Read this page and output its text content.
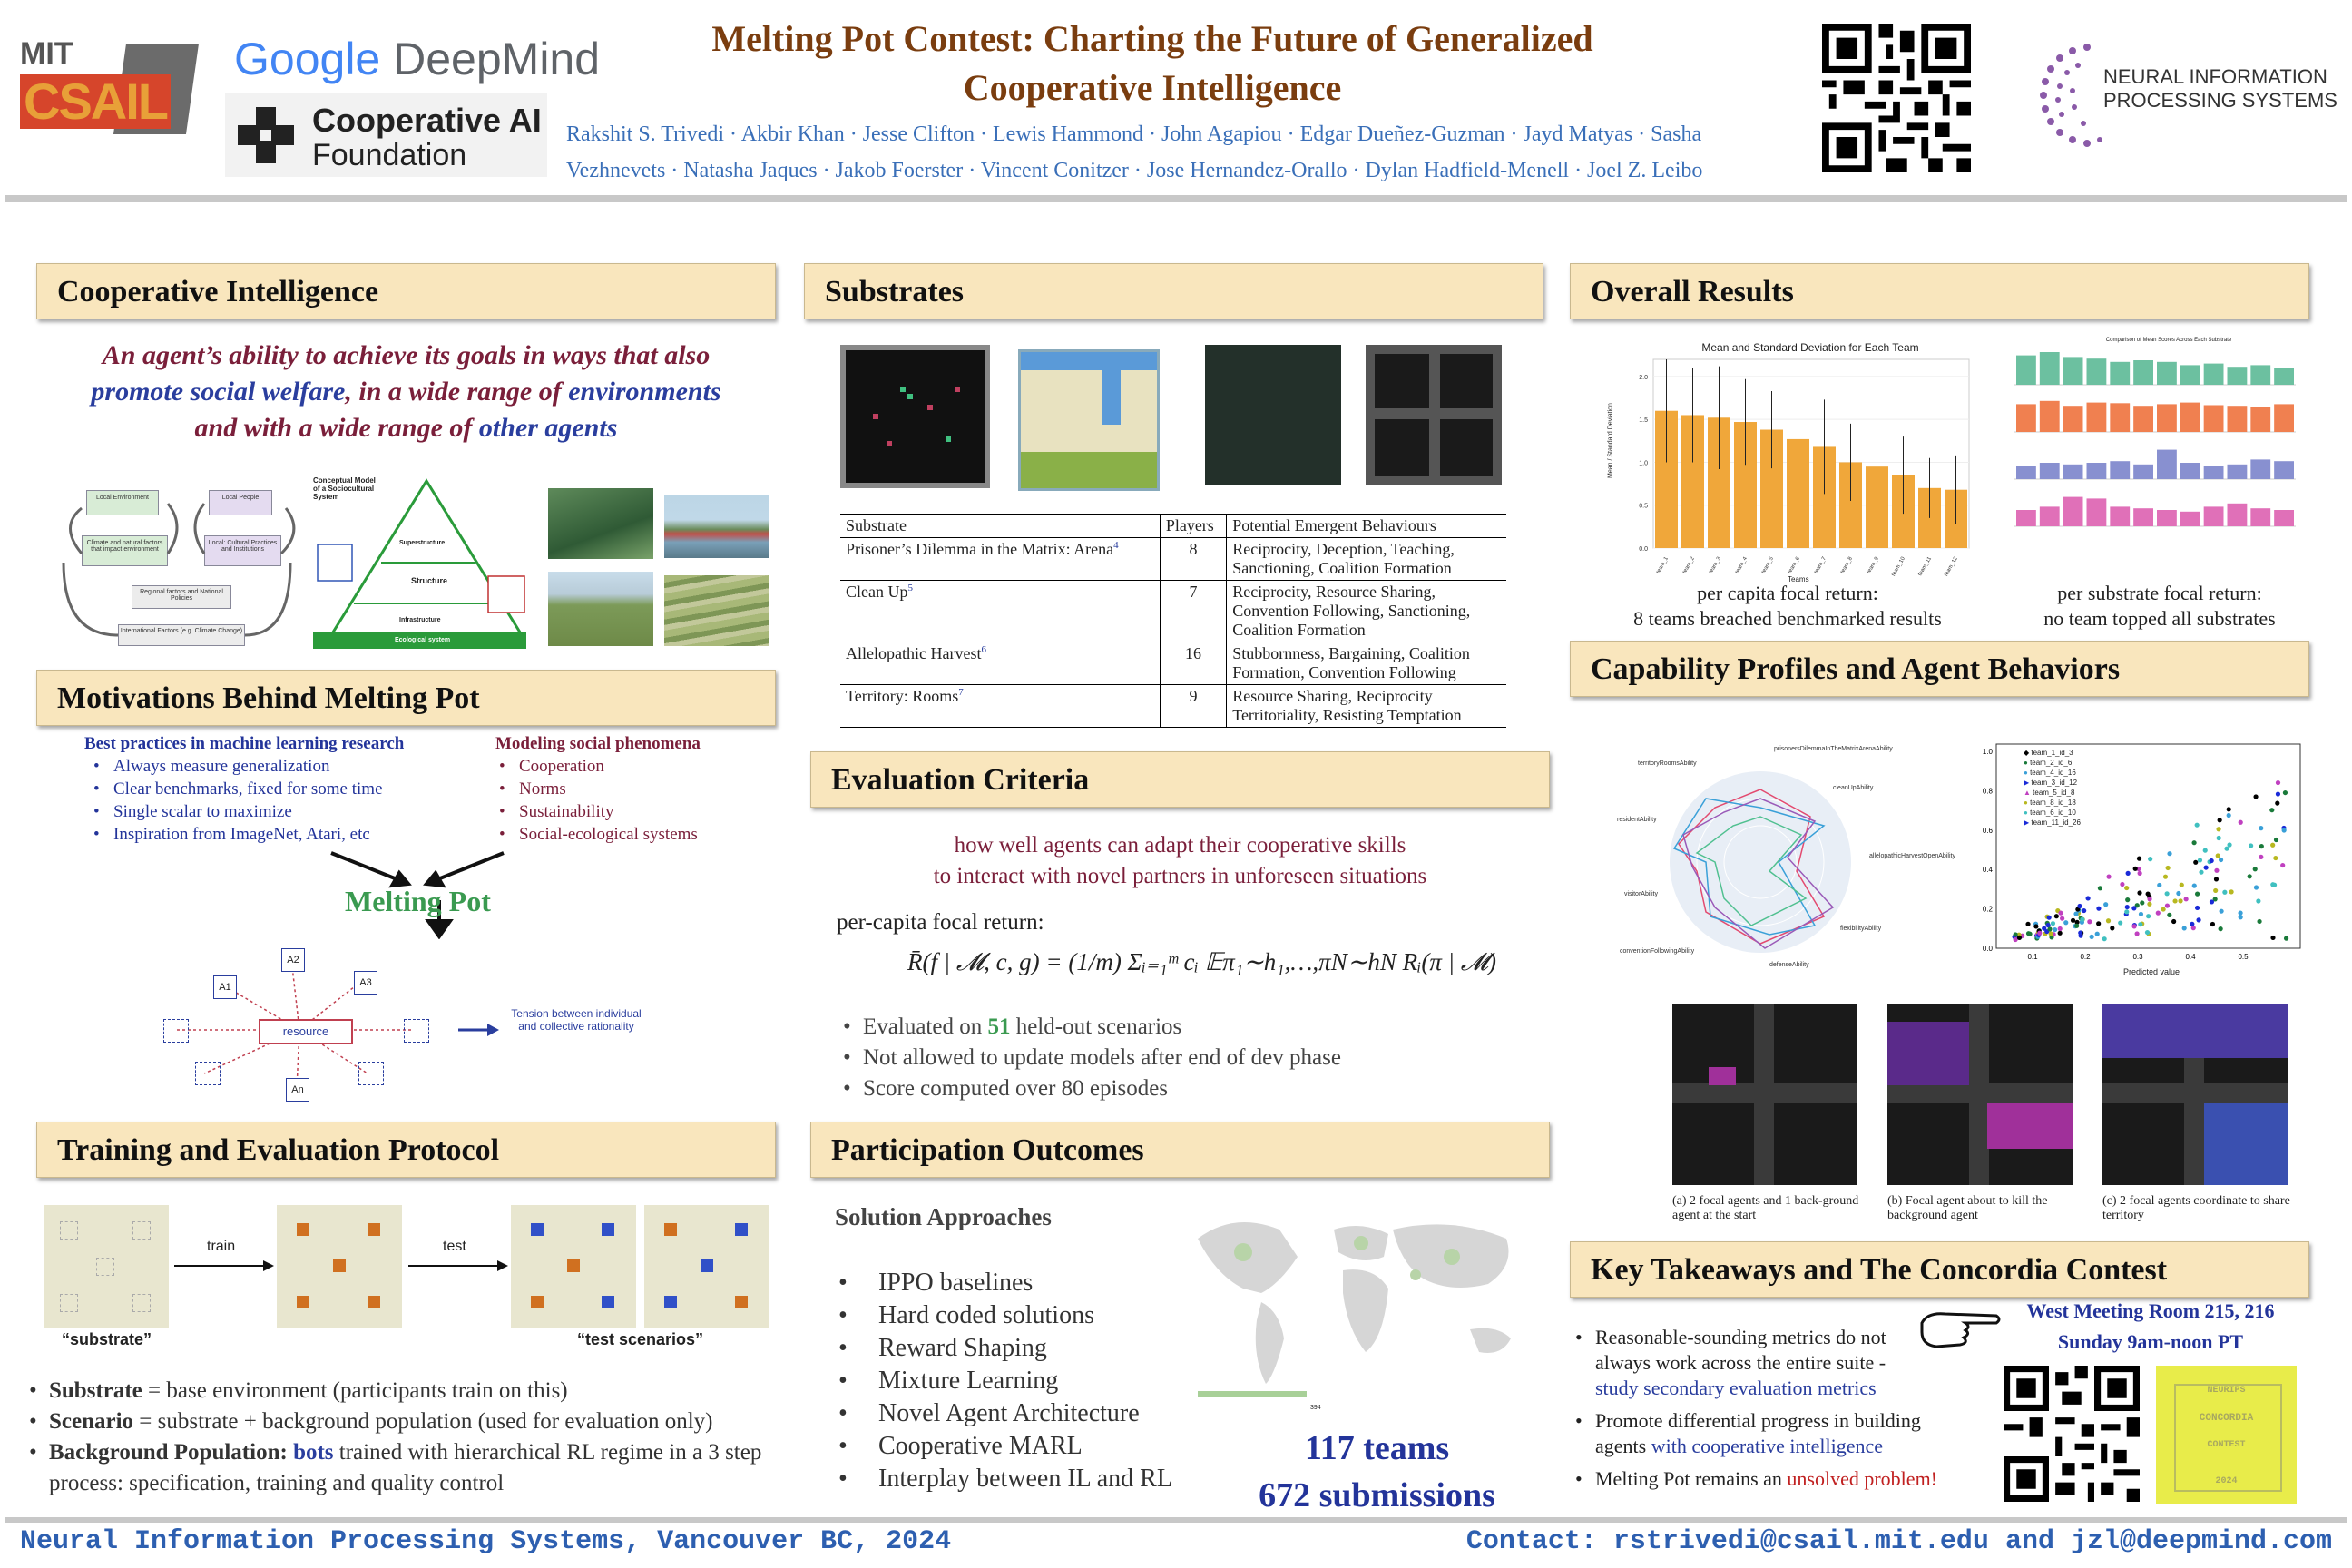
MIT
CSAIL
Google DeepMind
Cooperative AI
Foundation
Melting Pot Contest: Charting the Future of Generalized
Cooperative Intelligence
Rakshit S. Trivedi · Akbir Khan · Jesse Clifton · Lewis Hammond · John Agapiou · Edgar Dueñez-Guzman · Jayd Matyas · Sasha
Vezhnevets · Natasha Jaques · Jakob Foerster · Vincent Conitzer · Jose Hernandez-Orallo · Dylan Hadfield-Menell · Joel Z. Leibo
NEURAL INFORMATION
PROCESSING SYSTEMS
Cooperative Intelligence
An agent’s ability to achieve its goals in ways that also
promote social welfare, in a wide range of environments
and with a wide range of other agents
Local Environment
Climate and natural factors that impact environment
Local People
Local: Cultural Practices and Institutions
Regional factors and National Policies
International Factors (e.g. Climate Change)
Conceptual Model of a Sociocultural System
Superstructure
Structure
Infrastructure
Ecological system
Motivations Behind Melting Pot
Best practices in machine learning research
• Always measure generalization
• Clear benchmarks, fixed for some time
• Single scalar to maximize
• Inspiration from ImageNet, Atari, etc
Modeling social phenomena
• Cooperation
• Norms
• Sustainability
• Social-ecological systems
Melting Pot
resource
A1
A2
A3
An
Tension between individual and collective rationality
Training and Evaluation Protocol
train	test
“substrate”	“test scenarios”
• Substrate = base environment (participants train on this)
• Scenario = substrate + background population (used for evaluation only)
• Background Population: bots trained with hierarchical RL regime in a 3 step process: specification, training and quality control
Substrates
Substrate	Players	Potential Emergent Behaviours
Prisoner’s Dilemma in the Matrix: Arena$^4$	8	Reciprocity, Deception, Teaching, Sanctioning, Coalition Formation
Clean Up$^5$	7	Reciprocity, Resource Sharing, Convention Following, Sanctioning, Coalition Formation
Allelopathic Harvest$^6$	16	Stubbornness, Bargaining, Coalition Formation, Convention Following
Territory: Rooms$^7$	9	Resource Sharing, Reciprocity Territoriality, Resisting Temptation
Evaluation Criteria
how well agents can adapt their cooperative skills
to interact with novel partners in unforeseen situations
per-capita focal return:
R̄(f | 𝓜, c, g) = (1/m) Σᵢ₌₁ᵐ cᵢ 𝔼π₁∼h₁,…,πN∼hN Rᵢ(π | 𝓜)
• Evaluated on 51 held-out scenarios
• Not allowed to update models after end of dev phase
• Score computed over 80 episodes
Participation Outcomes
Solution Approaches
394
• IPPO baselines
• Hard coded solutions
• Reward Shaping
• Mixture Learning
• Novel Agent Architecture
• Cooperative MARL
• Interplay between IL and RL
117 teams
672 submissions
Overall Results
Mean and Standard Deviation for Each Team
Mean / Standard Deviation
0.0
0.5
1.0
1.5
2.0
team_1 team_2 team_3 team_4 team_5 team_6 team_7 team_8 team_9 team_10 team_11 team_12
Teams
Comparison of Mean Scores Across Each Substrate
per capita focal return:
8 teams breached benchmarked results
per substrate focal return:
no team topped all substrates
Capability Profiles and Agent Behaviors
prisonersDilemmaInTheMatrixArenaAbility
cleanUpAbility
allelopathicHarvestOpenAbility
flexibilityAbility
defenseAbility
conventionFollowingAbility
visitorAbility
residentAbility
territoryRoomsAbility
0.0
0.2
0.4
0.6
0.8
1.0
0.1	0.2	0.3	0.4	0.5
Predicted value
◆ team_1_id_3
● team_2_id_6
● team_4_id_16
▶ team_3_id_12
▲ team_5_id_8
● team_8_id_18
● team_6_id_10
▶ team_11_id_26
(a) 2 focal agents and 1 back-ground agent at the start
(b) Focal agent about to kill the background agent
(c) 2 focal agents coordinate to share territory
Key Takeaways and The Concordia Contest
• Reasonable-sounding metrics do not always work across the entire suite - study secondary evaluation metrics
• Promote differential progress in building agents with cooperative intelligence
• Melting Pot remains an unsolved problem!
West Meeting Room 215, 216
Sunday 9am-noon PT
NEURIPS
CONCORDIA
CONTEST
2024
Neural Information Processing Systems, Vancouver BC, 2024	Contact: rstrivedi@csail.mit.edu and jzl@deepmind.com
